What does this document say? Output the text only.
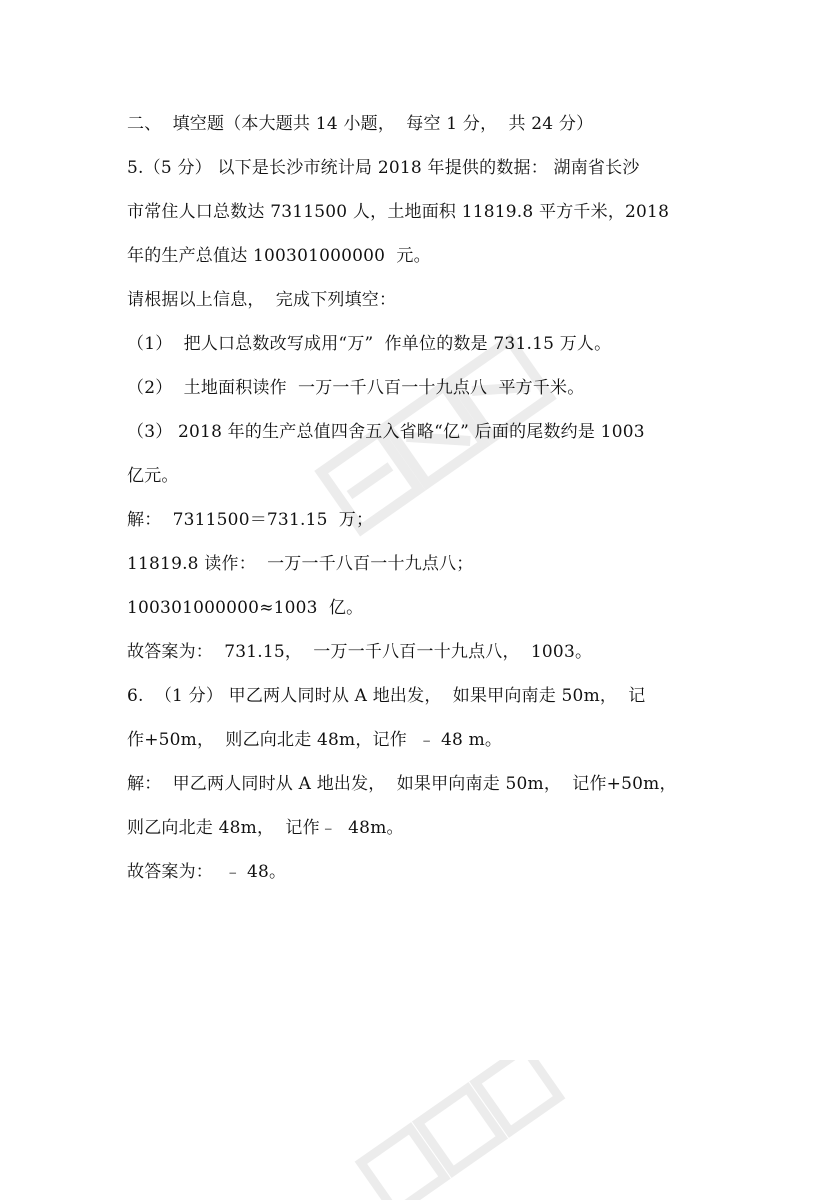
二、  填空题（本大题共 14 小题，  每空 1 分，  共 24 分）
5.（5 分） 以下是长沙市统计局 2018 年提供的数据： 湖南省长沙
市常住人口总数达 7311500 人，土地面积 11819.8 平方千米，2018
年的生产总值达 100301000000  元。
请根据以上信息，  完成下列填空：
（1）  把人口总数改写成用“万”  作单位的数是 731.15 万人。
（2）  土地面积读作  一万一千八百一十九点八  平方千米。
（3） 2018 年的生产总值四舍五入省略“亿” 后面的尾数约是 1003
亿元。
解：  7311500＝731.15  万；
11819.8 读作：  一万一千八百一十九点八；
100301000000≈1003  亿。
故答案为：  731.15，  一万一千八百一十九点八，  1003。
6.  （1 分） 甲乙两人同时从 A 地出发，  如果甲向南走 50m，  记
作+50m，  则乙向北走 48m，记作  ﹣ 48 m。
解：  甲乙两人同时从 A 地出发，  如果甲向南走 50m，  记作+50m，
则乙向北走 48m，  记作﹣  48m。
故答案为：  ﹣ 48。
